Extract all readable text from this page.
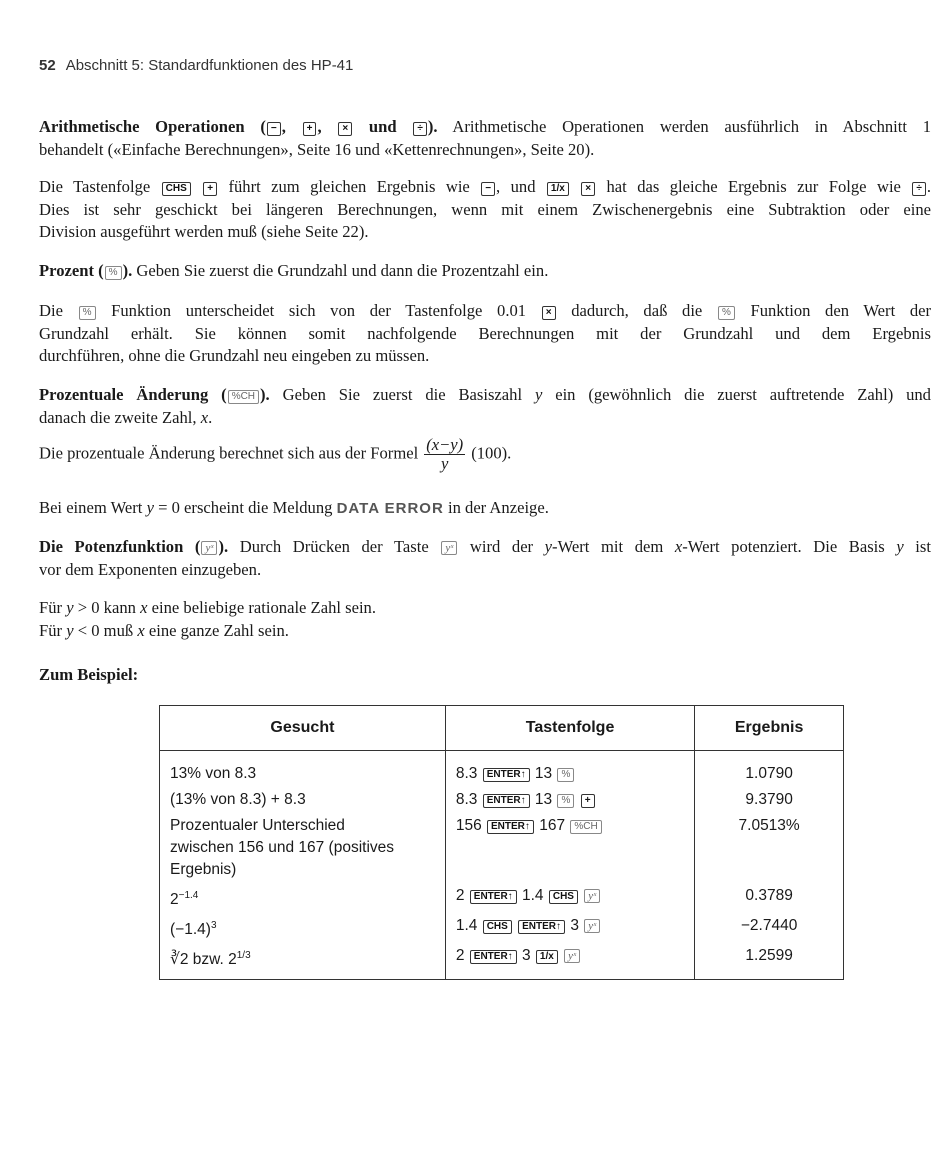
52 Abschnitt 5: Standardfunktionen des HP-41
Arithmetische Operationen ( − , + , × und ÷ ). Arithmetische Operationen werden ausführlich in Abschnitt 1
behandelt («Einfache Berechnungen», Seite 16 und «Kettenrechnungen», Seite 20).
Die Tastenfolge CHS + führt zum gleichen Ergebnis wie − , und 1/x × hat das gleiche Ergebnis zur Folge wie ÷ .
Dies ist sehr geschickt bei längeren Berechnungen, wenn mit einem Zwischenergebnis eine Subtraktion oder eine
Division ausgeführt werden muß (siehe Seite 22).
Prozent ( % ). Geben Sie zuerst die Grundzahl und dann die Prozentzahl ein.
Die % Funktion unterscheidet sich von der Tastenfolge 0.01 × dadurch, daß die % Funktion den Wert der
Grundzahl erhält. Sie können somit nachfolgende Berechnungen mit der Grundzahl und dem Ergebnis
durchführen, ohne die Grundzahl neu eingeben zu müssen.
Prozentuale Änderung ( %CH ). Geben Sie zuerst die Basiszahl y ein (gewöhnlich die zuerst auftretende Zahl) und
danach die zweite Zahl, x.
Die prozentuale Änderung berechnet sich aus der Formel $\frac{(x-y)}{y} (100)$.
Bei einem Wert y = 0 erscheint die Meldung DATA ERROR in der Anzeige.
Die Potenzfunktion ( yˣ ). Durch Drücken der Taste yˣ wird der y-Wert mit dem x-Wert potenziert. Die Basis y ist
vor dem Exponenten einzugeben.
Für y > 0 kann x eine beliebige rationale Zahl sein.
Für y < 0 muß x eine ganze Zahl sein.
Zum Beispiel:
Gesucht	Tastenfolge	Ergebnis
13% von 8.3	8.3 ENTER↑ 13 %	1.0790
(13% von 8.3) + 8.3	8.3 ENTER↑ 13 % +	9.3790

Prozentualer Unterschied
zwischen 156 und 167 (positives
Ergebnis)	156 ENTER↑ 167 %CH	7.0513%
$2^{-1.4}$	2 ENTER↑ 1.4 CHS yˣ	0.3789
$(-1.4)^3$	1.4 CHS ENTER↑ 3 yˣ	−2.7440
∛2 bzw. $2^{1/3}$	2 ENTER↑ 3 1/x yˣ	1.2599
